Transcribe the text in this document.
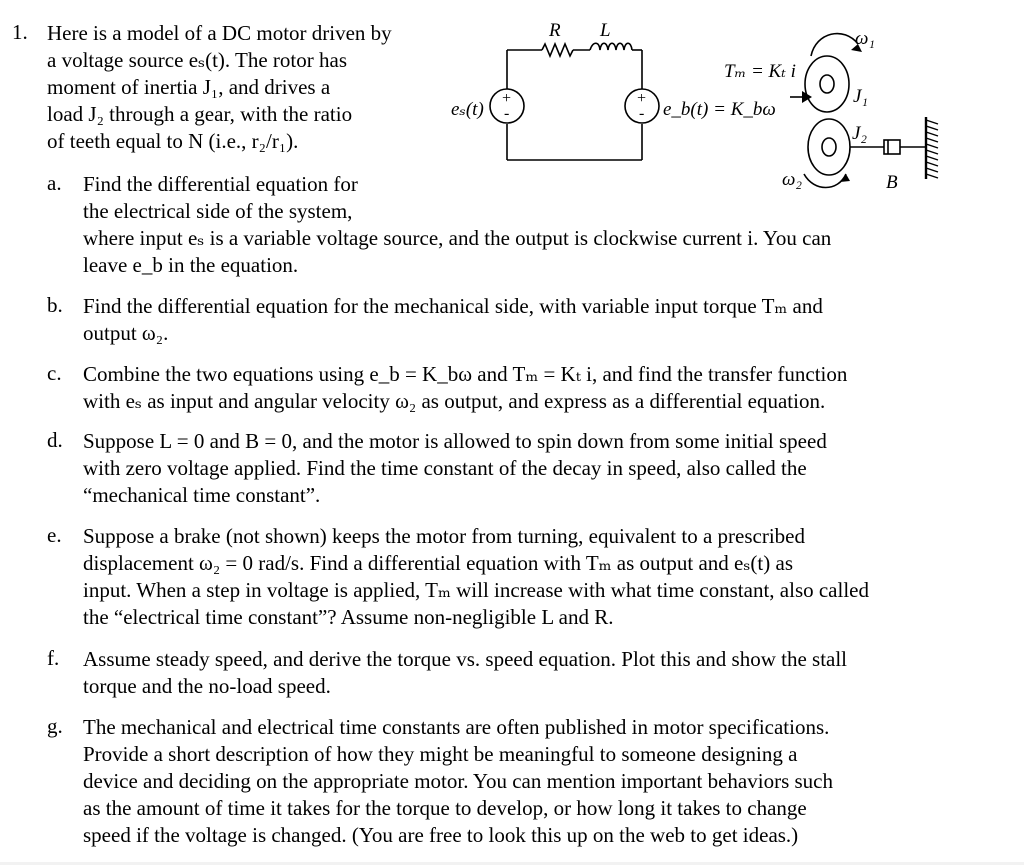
1. Here is a model of a DC motor driven by
a voltage source eₛ(t). The rotor has
moment of inertia J₁, and drives a
load J₂ through a gear, with the ratio
of teeth equal to N (i.e., r₂/r₁).
+
-
+
-
R L	ω₁
Tₘ = Kₜ i
eₛ(t)	e_b(t) = K_bω
J₁
J₂
ω₂	B
a. Find the differential equation for
the electrical side of the system,
where input eₛ is a variable voltage source, and the output is clockwise current i. You can
leave e_b in the equation.
b. Find the differential equation for the mechanical side, with variable input torque Tₘ and
output ω₂.
c. Combine the two equations using e_b = K_bω and Tₘ = Kₜ i, and find the transfer function
with eₛ as input and angular velocity ω₂ as output, and express as a differential equation.
d. Suppose L = 0 and B = 0, and the motor is allowed to spin down from some initial speed
with zero voltage applied. Find the time constant of the decay in speed, also called the
“mechanical time constant”.
e. Suppose a brake (not shown) keeps the motor from turning, equivalent to a prescribed
displacement ω₂ = 0 rad/s. Find a differential equation with Tₘ as output and eₛ(t) as
input. When a step in voltage is applied, Tₘ will increase with what time constant, also called
the “electrical time constant”? Assume non-negligible L and R.
f. Assume steady speed, and derive the torque vs. speed equation. Plot this and show the stall
torque and the no-load speed.
g. The mechanical and electrical time constants are often published in motor specifications.
Provide a short description of how they might be meaningful to someone designing a
device and deciding on the appropriate motor. You can mention important behaviors such
as the amount of time it takes for the torque to develop, or how long it takes to change
speed if the voltage is changed. (You are free to look this up on the web to get ideas.)
